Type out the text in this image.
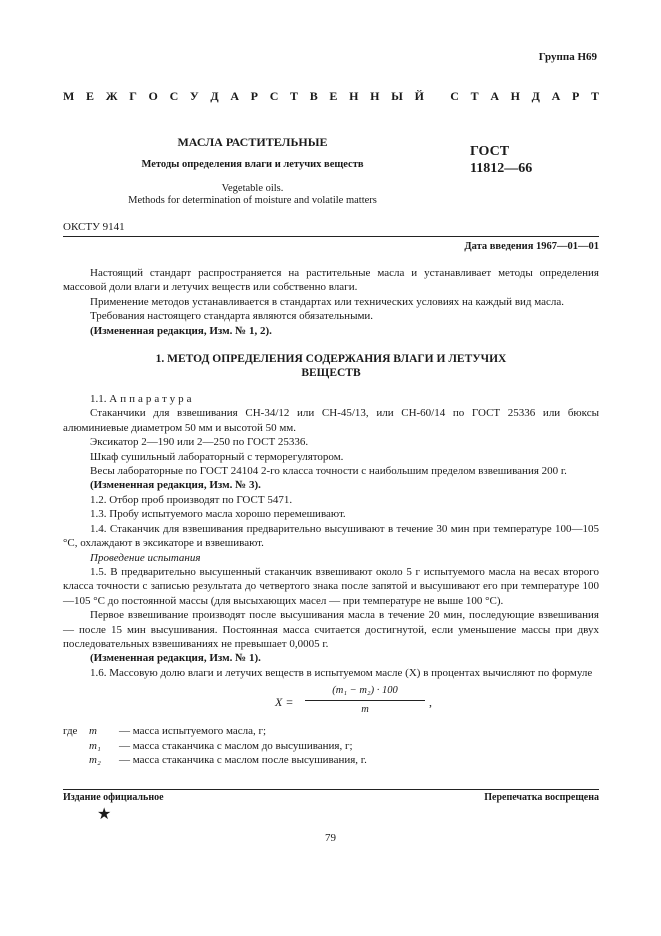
Группа Н69
М Е Ж Г О С У Д А Р С Т В Е Н Н Ы Й
С Т А Н Д А Р Т
МАСЛА РАСТИТЕЛЬНЫЕ
Методы определения влаги и летучих веществ
Vegetable oils.
Methods for determination of moisture and volatile matters
ГОСТ
11812—66
ОКСТУ 9141
Дата введения 1967—01—01

Настоящий стандарт распространяется на растительные масла и устанавливает методы определения массовой доли влаги и летучих веществ или собственно влаги.

Применение методов устанавливается в стандартах или технических условиях на каждый вид масла.

Требования настоящего стандарта являются обязательными.

(Измененная редакция, Изм. № 1, 2).

1. МЕТОД ОПРЕДЕЛЕНИЯ СОДЕРЖАНИЯ ВЛАГИ И ЛЕТУЧИХ ВЕЩЕСТВ

1.1. Аппаратура

Стаканчики для взвешивания СН-34/12 или СН-45/13, или СН-60/14 по ГОСТ 25336 или бюксы алюминиевые диаметром 50 мм и высотой 50 мм.

Эксикатор 2—190 или 2—250 по ГОСТ 25336.

Шкаф сушильный лабораторный с терморегулятором.

Весы лабораторные по ГОСТ 24104 2-го класса точности с наибольшим пределом взвешивания 200 г.

(Измененная редакция, Изм. № 3).

1.2. Отбор проб производят по ГОСТ 5471.

1.3. Пробу испытуемого масла хорошо перемешивают.

1.4. Стаканчик для взвешивания предварительно высушивают в течение 30 мин при температуре 100—105 °С, охлаждают в эксикаторе и взвешивают.

Проведение испытания

1.5. В предварительно высушенный стаканчик взвешивают около 5 г испытуемого масла на весах второго класса точности с записью результата до четвертого знака после запятой и высушивают его при температуре 100—105 °С до постоянной массы (для высыхающих масел — при температуре не выше 100 °С).

Первое взвешивание производят после высушивания масла в течение 20 мин, последующие взвешивания — после 15 мин высушивания. Постоянная масса считается достигнутой, если уменьшение массы при двух последовательных взвешиваниях не превышает 0,0005 г.

(Измененная редакция, Изм. № 1).

1.6. Массовую долю влаги и летучих веществ в испытуемом масле (X) в процентах вычисляют по формуле

$X = \frac{\text{(m₁ − m₂) · 100}}{m}$ ,
где	m	— масса испытуемого масла, г;
m₁	— масса стаканчика с маслом до высушивания, г;
m₂	— масса стаканчика с маслом после высушивания, г.
Издание официальное	Перепечатка воспрещена
★
79
